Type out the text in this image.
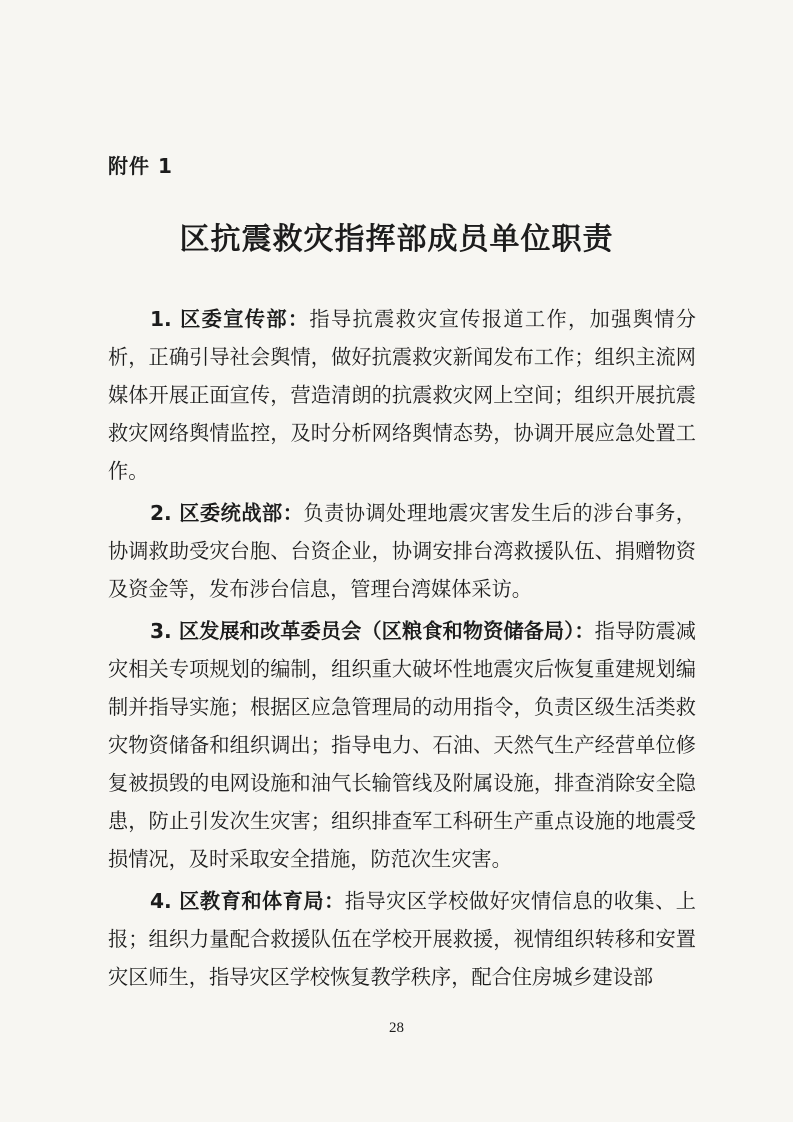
附件 1
区抗震救灾指挥部成员单位职责

1. 区委宣传部：指导抗震救灾宣传报道工作，加强舆情分析，正确引导社会舆情，做好抗震救灾新闻发布工作；组织主流网媒体开展正面宣传，营造清朗的抗震救灾网上空间；组织开展抗震救灾网络舆情监控，及时分析网络舆情态势，协调开展应急处置工作。

2. 区委统战部：负责协调处理地震灾害发生后的涉台事务，协调救助受灾台胞、台资企业，协调安排台湾救援队伍、捐赠物资及资金等，发布涉台信息，管理台湾媒体采访。

3. 区发展和改革委员会（区粮食和物资储备局）：指导防震减灾相关专项规划的编制，组织重大破坏性地震灾后恢复重建规划编制并指导实施；根据区应急管理局的动用指令，负责区级生活类救灾物资储备和组织调出；指导电力、石油、天然气生产经营单位修复被损毁的电网设施和油气长输管线及附属设施，排查消除安全隐患，防止引发次生灾害；组织排查军工科研生产重点设施的地震受损情况，及时采取安全措施，防范次生灾害。

4. 区教育和体育局：指导灾区学校做好灾情信息的收集、上报；组织力量配合救援队伍在学校开展救援，视情组织转移和安置灾区师生，指导灾区学校恢复教学秩序，配合住房城乡建设部

28
